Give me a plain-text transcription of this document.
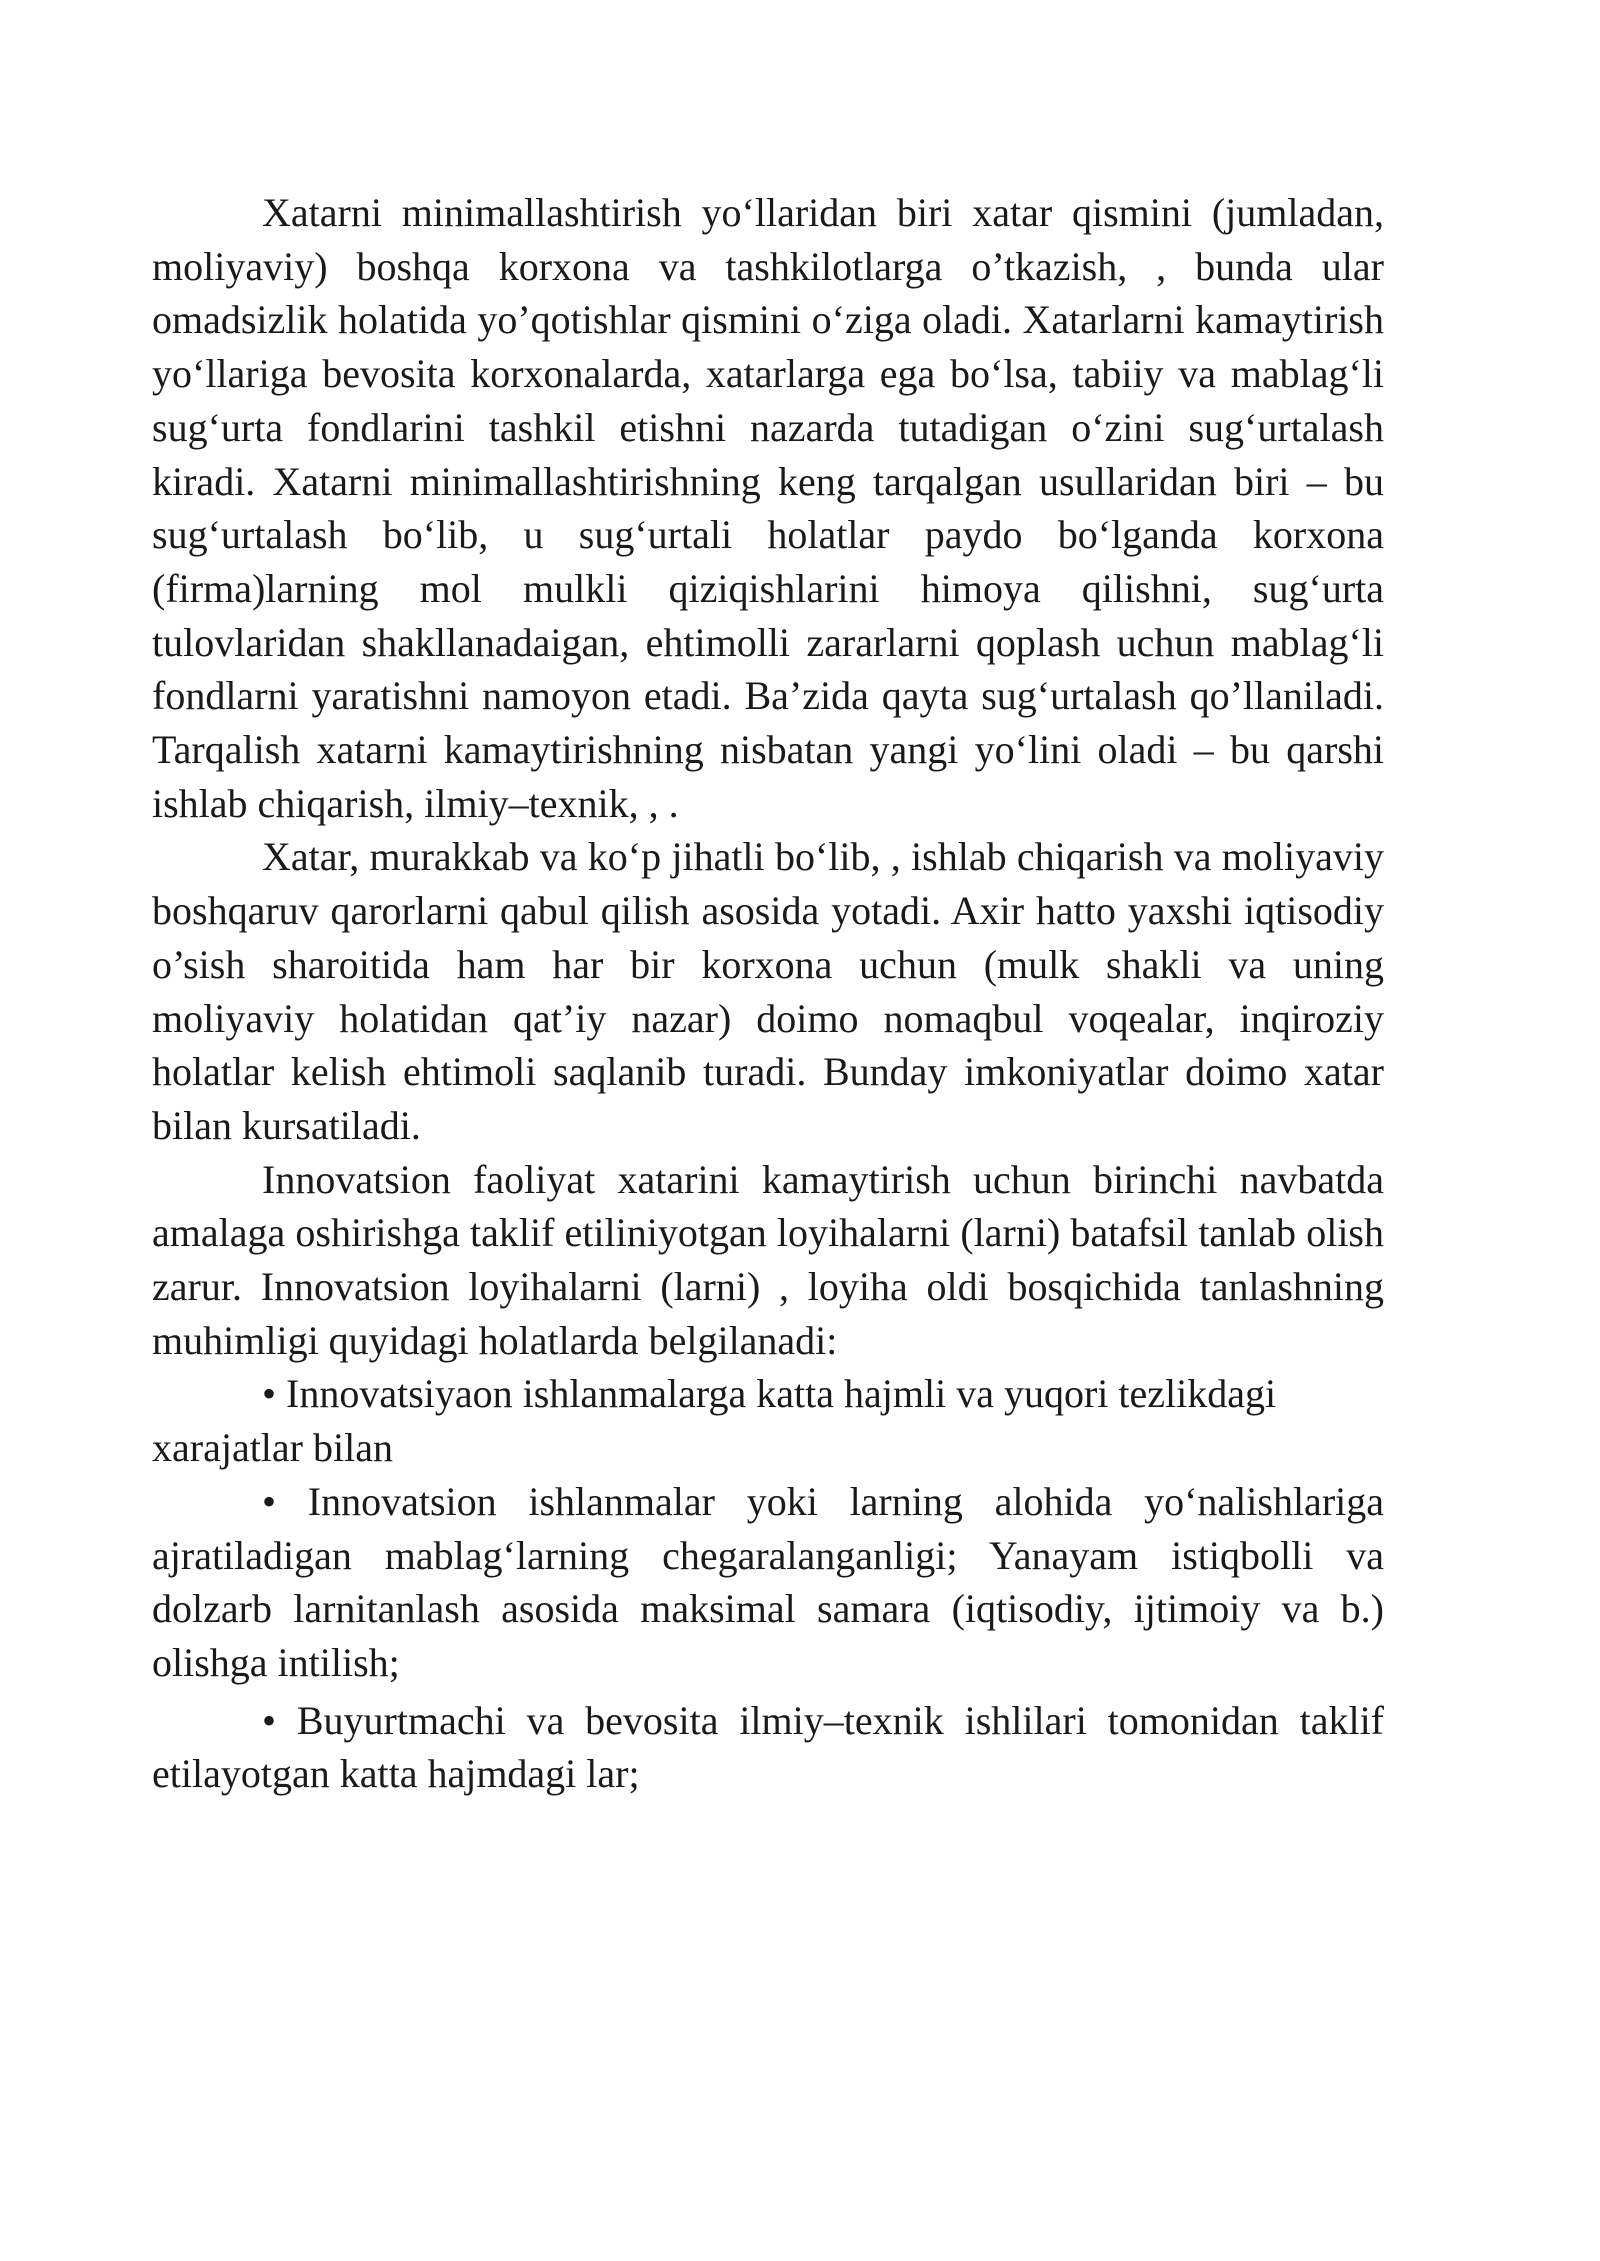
Xatarni minimallashtirish yo‘llaridan biri xatar qismini (jumladan, moliyaviy) boshqa korxona va tashkilotlarga o’tkazish, , bunda ular omadsizlik holatida yo’qotishlar qismini o‘ziga oladi. Xatarlarni kamaytirish yo‘llariga bevosita korxonalarda, xatarlarga ega bo‘lsa, tabiiy va mablag‘li sug‘urta fondlarini tashkil etishni nazarda tutadigan o‘zini sug‘urtalash kiradi. Xatarni minimallashtirishning keng tarqalgan usullaridan biri – bu sug‘urtalash bo‘lib, u sug‘urtali holatlar paydo bo‘lganda korxona (firma)larning mol mulkli qiziqishlarini himoya qilishni, sug‘urta tulovlaridan shakllanadaigan, ehtimolli zararlarni qoplash uchun mablag‘li fondlarni yaratishni namoyon etadi. Ba’zida qayta sug‘urtalash qo’llaniladi. Tarqalish xatarni kamaytirishning nisbatan yangi yo‘lini oladi – bu qarshi ishlab chiqarish, ilmiy–texnik, , .

Xatar, murakkab va ko‘p jihatli bo‘lib, , ishlab chiqarish va moliyaviy boshqaruv qarorlarni qabul qilish asosida yotadi. Axir hatto yaxshi iqtisodiy o’sish sharoitida ham har bir korxona uchun (mulk shakli va uning moliyaviy holatidan qat’iy nazar) doimo nomaqbul voqealar, inqiroziy holatlar kelish ehtimoli saqlanib turadi. Bunday imkoniyatlar doimo xatar bilan kursatiladi.

Innovatsion faoliyat xatarini kamaytirish uchun birinchi navbatda amalaga oshirishga taklif etiliniyotgan loyihalarni (larni) batafsil tanlab olish zarur. Innovatsion loyihalarni (larni) , loyiha oldi bosqichida tanlashning muhimligi quyidagi holatlarda belgilanadi:

• Innovatsiyaon ishlanmalarga katta hajmli va yuqori tezlikdagi xarajatlar bilan

• Innovatsion ishlanmalar yoki larning alohida yo‘nalishlariga ajratiladigan mablag‘larning chegaralanganligi; Yanayam istiqbolli va dolzarb larnitanlash asosida maksimal samara (iqtisodiy, ijtimoiy va b.) olishga intilish;

• Buyurtmachi va bevosita ilmiy–texnik ishlilari tomonidan taklif etilayotgan katta hajmdagi lar;
